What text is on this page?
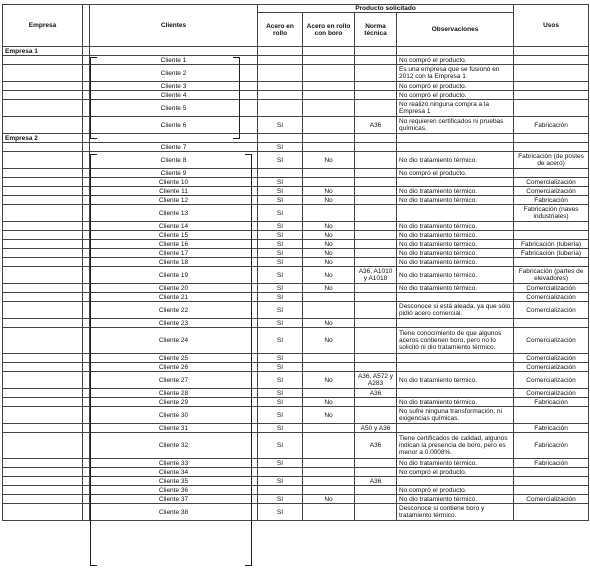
Empresa		Clientes	Producto solicitado				Usos
			Acero en rollo	Acero en rollo con boro	Norma técnica	Observaciones	
Empresa 1							
		Cliente 1				No compró el producto.	
		Cliente 2				Es una empresa que se fusionó en 2012 con la Empresa 1	
		Cliente 3				No compró el producto.	
		Cliente 4				No compró el producto.	
		Cliente 5				No realizó ninguna compra a la Empresa 1	
		Cliente 6	SI		A36	No requieren certificados ni pruebas químicas.	Fabricación
Empresa 2							
		Cliente 7	SI				
		Cliente 8	SI	No		No dio tratamiento térmico.	Fabricación (de postes de acero)
		Cliente 9				No compró el producto.	
		Cliente 10	SI				Comercialización
		Cliente 11	SI	No		No dio tratamiento térmico.	Comercialización
		Cliente 12	SI	No		No dio tratamiento térmico.	Fabricación
		Cliente 13	SI				Fabricación (naves industriales)
		Cliente 14	SI	No		No dio tratamiento térmico.	
		Cliente 15	SI	No		No dio tratamiento térmico.	
		Cliente 16	SI	No		No dio tratamiento térmico.	Fabricación (tubería)
		Cliente 17	SI	No		No dio tratamiento térmico.	Fabricación (tubería)
		Cliente 18	SI	No		No dio tratamiento térmico.	
		Cliente 19	SI	No	A36, A1010 y A1018	No dio tratamiento térmico.	Fabricación (partes de elevadores)
		Cliente 20	SI	No		No dio tratamiento térmico.	Comercialización
		Cliente 21	SI				Comercialización
		Cliente 22	SI			Desconoce si está aleada, ya que sólo pidió acero comercial.	Comercialización
		Cliente 23	SI	No			
		Cliente 24	SI	No		Tiene conocimiento de que algunos aceros contienen boro, pero no lo solicitó ni dio tratamiento térmico.	Comercialización
		Cliente 25	SI				Comercialización
		Cliente 26	SI				Comercialización
		Cliente 27	SI	No	A36, A572 y A283	No dio tratamiento térmico.	Comercialización
		Cliente 28	SI		A36		Comercialización
		Cliente 29	SI	No		No dio tratamiento térmico.	Fabricación
		Cliente 30	SI	No		No sufre ninguna transformación, ni exigencias químicas.	
		Cliente 31	SI		A50 y A36		Fabricación
		Cliente 32	SI		A36	Tiene certificados de calidad, algunos indican la presencia de boro, pero es menor a 0.0008%.	Fabricación
		Cliente 33	SI			No dio tratamiento térmico.	Fabricación
		Cliente 34				No compró el producto.	
		Cliente 35	SI		A36		
		Cliente 36				No compró el producto.	
		Cliente 37	SI	No		No dio tratamiento térmico.	Comercialización
		Cliente 38	SI			Desconoce si contiene boro y tratamiento térmico.	
